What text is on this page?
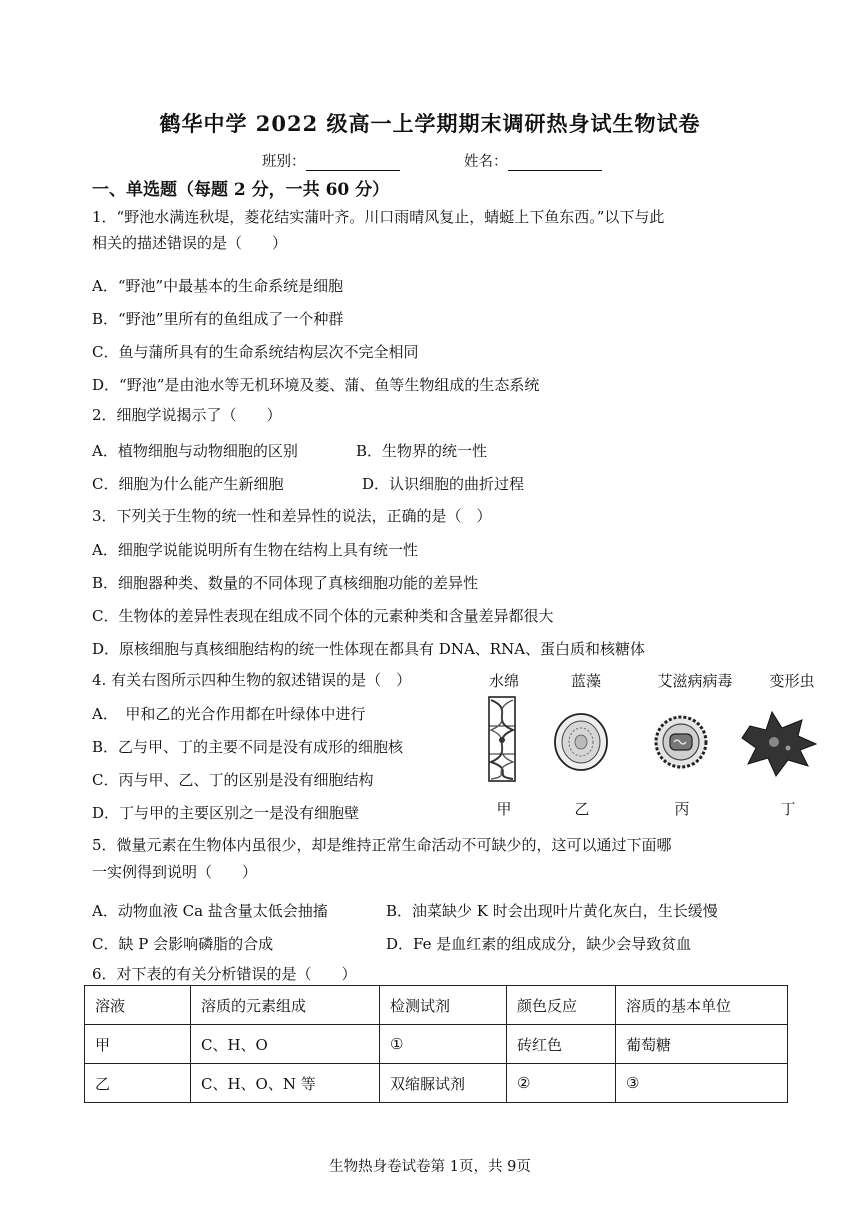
鹤华中学 2022 级高一上学期期末调研热身试生物试卷
班别：	姓名：
一、单选题（每题 2 分，一共 60 分）
1．“野池水满连秋堤，菱花结实蒲叶齐。川口雨晴风复止，蜻蜓上下鱼东西。”以下与此
相关的描述错误的是（　　）
A．“野池”中最基本的生命系统是细胞
B．“野池”里所有的鱼组成了一个种群
C．鱼与蒲所具有的生命系统结构层次不完全相同
D．“野池”是由池水等无机环境及菱、蒲、鱼等生物组成的生态系统
2．细胞学说揭示了（　　）
A．植物细胞与动物细胞的区别	B．生物界的统一性
C．细胞为什么能产生新细胞	D．认识细胞的曲折过程
3．下列关于生物的统一性和差异性的说法，正确的是（　）
A．细胞学说能说明所有生物在结构上具有统一性
B．细胞器种类、数量的不同体现了真核细胞功能的差异性
C．生物体的差异性表现在组成不同个体的元素种类和含量差异都很大
D．原核细胞与真核细胞结构的统一性体现在都具有 DNA、RNA、蛋白质和核糖体
4. 有关右图所示四种生物的叙述错误的是（　）
A．　甲和乙的光合作用都在叶绿体中进行
B．乙与甲、丁的主要不同是没有成形的细胞核
C．丙与甲、乙、丁的区别是没有细胞结构
D．丁与甲的主要区别之一是没有细胞壁
水绵	蓝藻	艾滋病病毒	变形虫
甲	乙	丙	丁
5．微量元素在生物体内虽很少，却是维持正常生命活动不可缺少的，这可以通过下面哪
一实例得到说明（　　）
A．动物血液 Ca 盐含量太低会抽搐	B．油菜缺少 K 时会出现叶片黄化灰白，生长缓慢
C．缺 P 会影响磷脂的合成	D．Fe 是血红素的组成成分，缺少会导致贫血
6．对下表的有关分析错误的是（　　）
溶液	溶质的元素组成	检测试剂	颜色反应	溶质的基本单位
甲	C、H、O	①	砖红色	葡萄糖
乙	C、H、O、N 等	双缩脲试剂	②	③
生物热身卷试卷第 1页，共 9页
